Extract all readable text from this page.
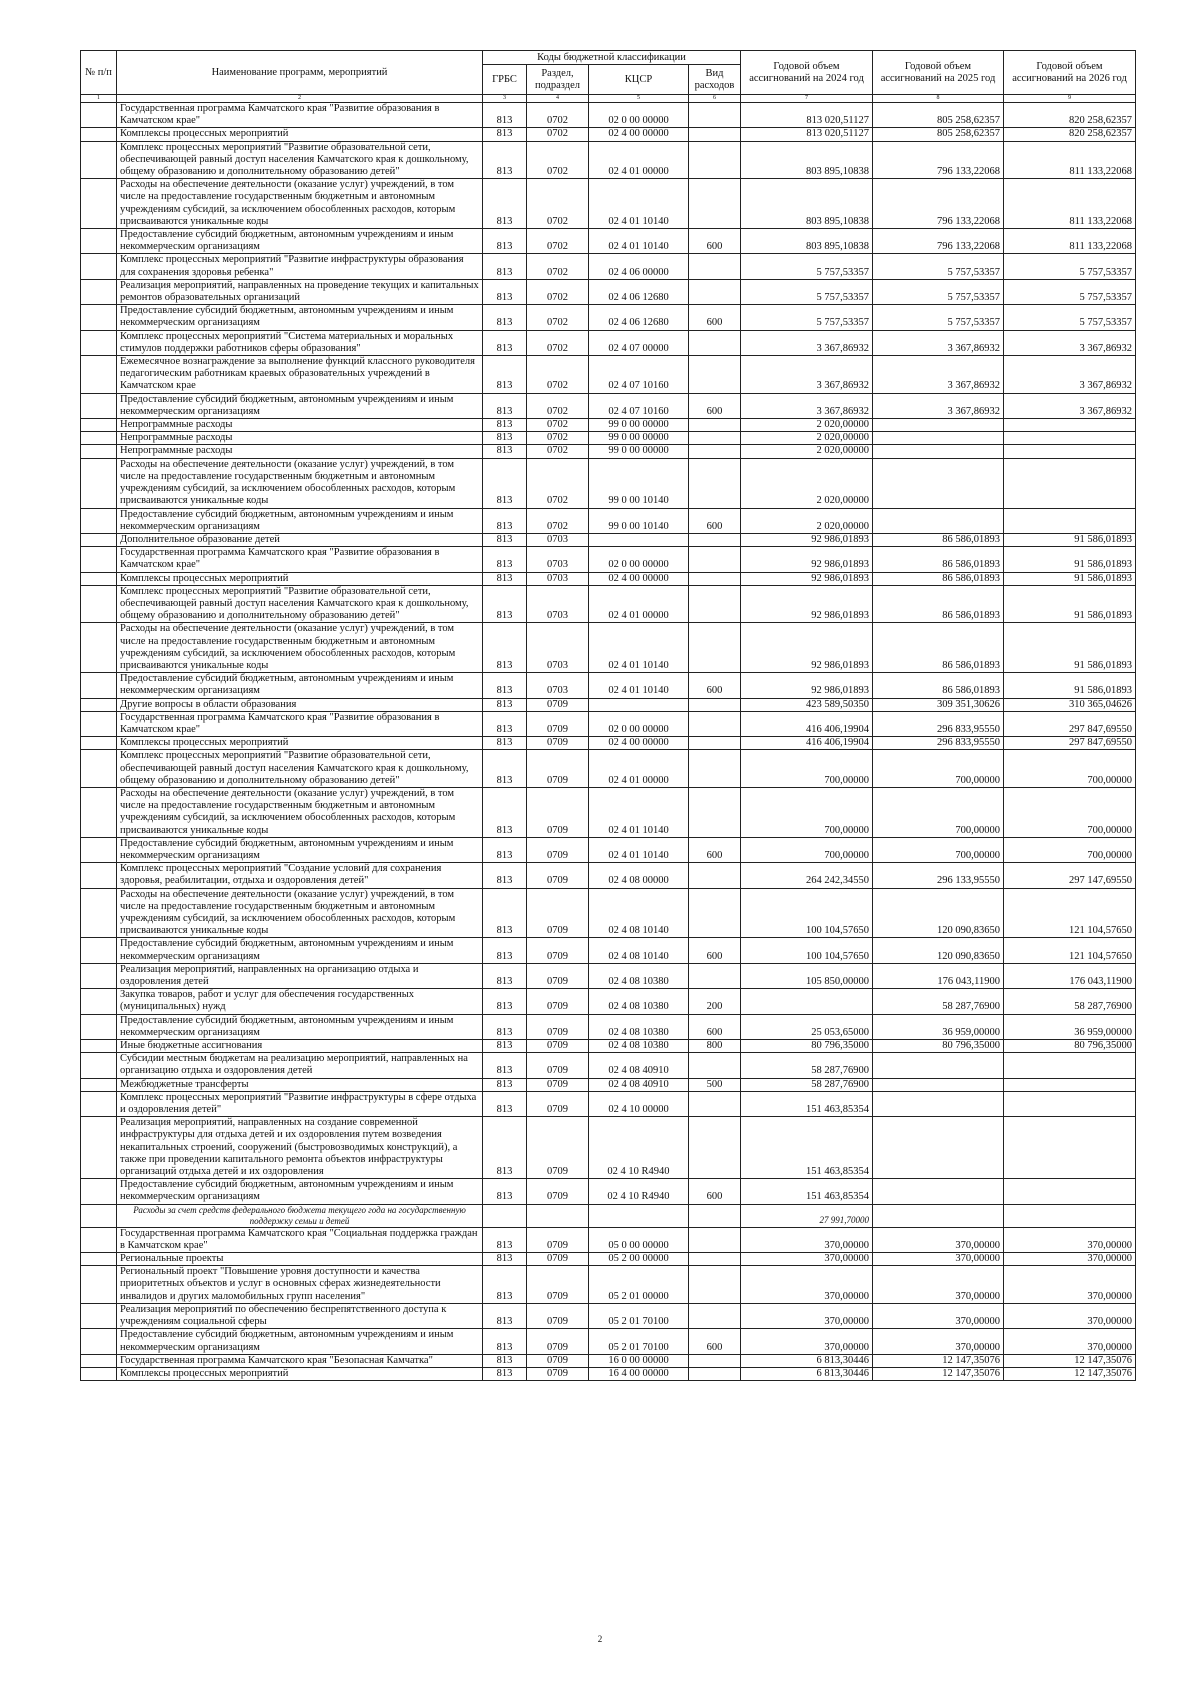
№ п/п	Наименование программ, мероприятий	Коды бюджетной классификации				Годовой объем ассигнований на 2024 год	Годовой объем ассигнований на 2025 год	Годовой объем ассигнований на 2026 год
		ГРБС	Раздел, подраздел	КЦСР	Вид расходов			
1	2	3	4	5	6	7	8	9
	Государственная программа Камчатского края "Развитие образования в Камчатском крае"	813	0702	02 0 00 00000		813 020,51127	805 258,62357	820 258,62357
	Комплексы процессных мероприятий	813	0702	02 4 00 00000		813 020,51127	805 258,62357	820 258,62357
	Комплекс процессных мероприятий "Развитие образовательной сети, обеспечивающей равный доступ населения Камчатского края к дошкольному, общему образованию и дополнительному образованию детей"	813	0702	02 4 01 00000		803 895,10838	796 133,22068	811 133,22068
	Расходы на обеспечение деятельности (оказание услуг) учреждений, в том числе на предоставление государственным бюджетным и автономным учреждениям субсидий, за исключением обособленных расходов, которым присваиваются уникальные коды	813	0702	02 4 01 10140		803 895,10838	796 133,22068	811 133,22068
	Предоставление субсидий бюджетным, автономным учреждениям и иным некоммерческим организациям	813	0702	02 4 01 10140	600	803 895,10838	796 133,22068	811 133,22068
	Комплекс процессных мероприятий "Развитие инфраструктуры образования для сохранения здоровья ребенка"	813	0702	02 4 06 00000		5 757,53357	5 757,53357	5 757,53357
	Реализация мероприятий, направленных на проведение текущих и капитальных ремонтов образовательных организаций	813	0702	02 4 06 12680		5 757,53357	5 757,53357	5 757,53357
	Предоставление субсидий бюджетным, автономным учреждениям и иным некоммерческим организациям	813	0702	02 4 06 12680	600	5 757,53357	5 757,53357	5 757,53357
	Комплекс процессных мероприятий "Система материальных и моральных стимулов поддержки работников сферы образования"	813	0702	02 4 07 00000		3 367,86932	3 367,86932	3 367,86932
	Ежемесячное вознаграждение за выполнение функций классного руководителя педагогическим работникам краевых образовательных учреждений в Камчатском крае	813	0702	02 4 07 10160		3 367,86932	3 367,86932	3 367,86932
	Предоставление субсидий бюджетным, автономным учреждениям и иным некоммерческим организациям	813	0702	02 4 07 10160	600	3 367,86932	3 367,86932	3 367,86932
	Непрограммные расходы	813	0702	99 0 00 00000		2 020,00000		
	Непрограммные расходы	813	0702	99 0 00 00000		2 020,00000		
	Непрограммные расходы	813	0702	99 0 00 00000		2 020,00000		
	Расходы на обеспечение деятельности (оказание услуг) учреждений, в том числе на предоставление государственным бюджетным и автономным учреждениям субсидий, за исключением обособленных расходов, которым присваиваются уникальные коды	813	0702	99 0 00 10140		2 020,00000		
	Предоставление субсидий бюджетным, автономным учреждениям и иным некоммерческим организациям	813	0702	99 0 00 10140	600	2 020,00000		
	Дополнительное образование детей	813	0703			92 986,01893	86 586,01893	91 586,01893
	Государственная программа Камчатского края "Развитие образования в Камчатском крае"	813	0703	02 0 00 00000		92 986,01893	86 586,01893	91 586,01893
	Комплексы процессных мероприятий	813	0703	02 4 00 00000		92 986,01893	86 586,01893	91 586,01893
	Комплекс процессных мероприятий "Развитие образовательной сети, обеспечивающей равный доступ населения Камчатского края к дошкольному, общему образованию и дополнительному образованию детей"	813	0703	02 4 01 00000		92 986,01893	86 586,01893	91 586,01893
	Расходы на обеспечение деятельности (оказание услуг) учреждений, в том числе на предоставление государственным бюджетным и автономным учреждениям субсидий, за исключением обособленных расходов, которым присваиваются уникальные коды	813	0703	02 4 01 10140		92 986,01893	86 586,01893	91 586,01893
	Предоставление субсидий бюджетным, автономным учреждениям и иным некоммерческим организациям	813	0703	02 4 01 10140	600	92 986,01893	86 586,01893	91 586,01893
	Другие вопросы в области образования	813	0709			423 589,50350	309 351,30626	310 365,04626
	Государственная программа Камчатского края "Развитие образования в Камчатском крае"	813	0709	02 0 00 00000		416 406,19904	296 833,95550	297 847,69550
	Комплексы процессных мероприятий	813	0709	02 4 00 00000		416 406,19904	296 833,95550	297 847,69550
	Комплекс процессных мероприятий "Развитие образовательной сети, обеспечивающей равный доступ населения Камчатского края к дошкольному, общему образованию и дополнительному образованию детей"	813	0709	02 4 01 00000		700,00000	700,00000	700,00000
	Расходы на обеспечение деятельности (оказание услуг) учреждений, в том числе на предоставление государственным бюджетным и автономным учреждениям субсидий, за исключением обособленных расходов, которым присваиваются уникальные коды	813	0709	02 4 01 10140		700,00000	700,00000	700,00000
	Предоставление субсидий бюджетным, автономным учреждениям и иным некоммерческим организациям	813	0709	02 4 01 10140	600	700,00000	700,00000	700,00000
	Комплекс процессных мероприятий "Создание условий для сохранения здоровья, реабилитации, отдыха и оздоровления детей"	813	0709	02 4 08 00000		264 242,34550	296 133,95550	297 147,69550
	Расходы на обеспечение деятельности (оказание услуг) учреждений, в том числе на предоставление государственным бюджетным и автономным учреждениям субсидий, за исключением обособленных расходов, которым присваиваются уникальные коды	813	0709	02 4 08 10140		100 104,57650	120 090,83650	121 104,57650
	Предоставление субсидий бюджетным, автономным учреждениям и иным некоммерческим организациям	813	0709	02 4 08 10140	600	100 104,57650	120 090,83650	121 104,57650
	Реализация мероприятий, направленных на организацию отдыха и оздоровления детей	813	0709	02 4 08 10380		105 850,00000	176 043,11900	176 043,11900
	Закупка товаров, работ и услуг для обеспечения государственных (муниципальных) нужд	813	0709	02 4 08 10380	200		58 287,76900	58 287,76900
	Предоставление субсидий бюджетным, автономным учреждениям и иным некоммерческим организациям	813	0709	02 4 08 10380	600	25 053,65000	36 959,00000	36 959,00000
	Иные бюджетные ассигнования	813	0709	02 4 08 10380	800	80 796,35000	80 796,35000	80 796,35000
	Субсидии местным бюджетам на реализацию мероприятий, направленных на организацию отдыха и оздоровления детей	813	0709	02 4 08 40910		58 287,76900		
	Межбюджетные трансферты	813	0709	02 4 08 40910	500	58 287,76900		
	Комплекс процессных мероприятий "Развитие инфраструктуры в сфере отдыха и оздоровления детей"	813	0709	02 4 10 00000		151 463,85354		
	Реализация мероприятий, направленных на создание современной инфраструктуры для отдыха детей и их оздоровления путем возведения некапитальных строений, сооружений (быстровозводимых конструкций), а также при проведении капитального ремонта объектов инфраструктуры организаций отдыха детей и их оздоровления	813	0709	02 4 10 R4940		151 463,85354		
	Предоставление субсидий бюджетным, автономным учреждениям и иным некоммерческим организациям	813	0709	02 4 10 R4940	600	151 463,85354		
	Расходы за счет средств федерального бюджета текущего года на государственную поддержку семьи и детей					27 991,70000		
	Государственная программа Камчатского края "Социальная поддержка граждан в Камчатском крае"	813	0709	05 0 00 00000		370,00000	370,00000	370,00000
	Региональные проекты	813	0709	05 2 00 00000		370,00000	370,00000	370,00000
	Региональный проект "Повышение уровня доступности и качества приоритетных объектов и услуг в основных сферах жизнедеятельности инвалидов и других маломобильных групп населения"	813	0709	05 2 01 00000		370,00000	370,00000	370,00000
	Реализация мероприятий по обеспечению беспрепятственного доступа к учреждениям социальной сферы	813	0709	05 2 01 70100		370,00000	370,00000	370,00000
	Предоставление субсидий бюджетным, автономным учреждениям и иным некоммерческим организациям	813	0709	05 2 01 70100	600	370,00000	370,00000	370,00000
	Государственная программа Камчатского края "Безопасная Камчатка"	813	0709	16 0 00 00000		6 813,30446	12 147,35076	12 147,35076
	Комплексы процессных мероприятий	813	0709	16 4 00 00000		6 813,30446	12 147,35076	12 147,35076
2
